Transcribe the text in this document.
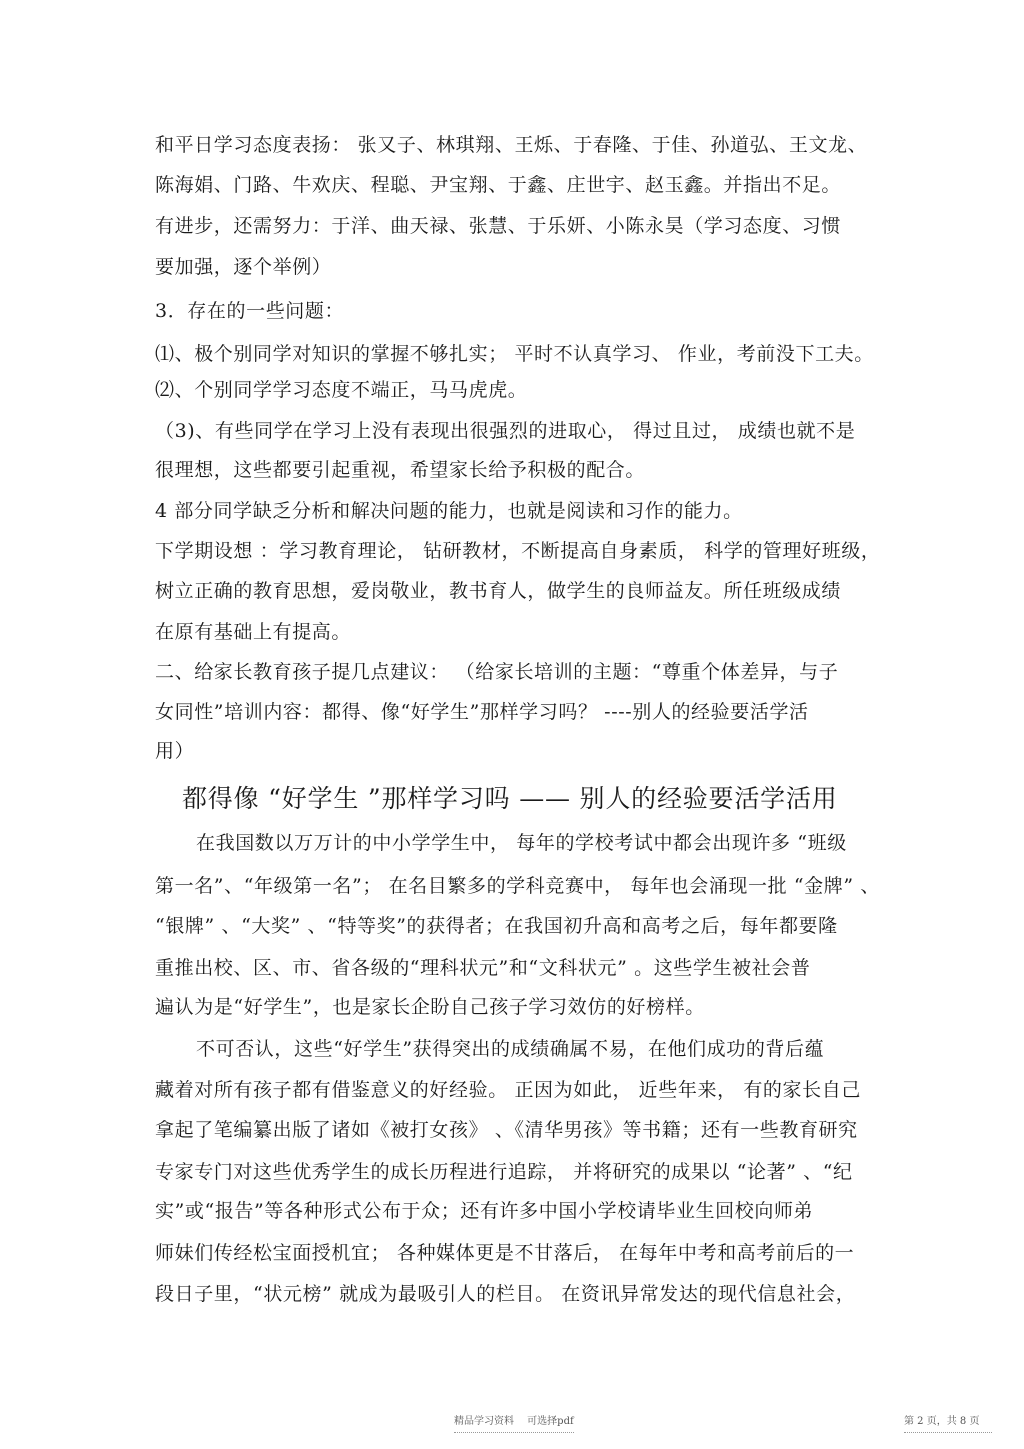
和平日学习态度表扬： 张又子、林琪翔、王烁、于春隆、于佳、孙道弘、王文龙、
陈海娟、门路、牛欢庆、程聪、尹宝翔、于鑫、庄世宇、赵玉鑫。并指出不足。
有进步，还需努力：于洋、曲天禄、张慧、于乐妍、小陈永昊（学习态度、习惯
要加强，逐个举例）
3．存在的一些问题：
⑴、极个别同学对知识的掌握不够扎实； 平时不认真学习、 作业，考前没下工夫。
⑵、个别同学学习态度不端正，马马虎虎。
（3)、有些同学在学习上没有表现出很强烈的进取心， 得过且过， 成绩也就不是
很理想，这些都要引起重视，希望家长给予积极的配合。
4 部分同学缺乏分析和解决问题的能力，也就是阅读和习作的能力。
下学期设想 ：学习教育理论， 钻研教材，不断提高自身素质， 科学的管理好班级，
树立正确的教育思想，爱岗敬业，教书育人，做学生的良师益友。所任班级成绩
在原有基础上有提高。
二、给家长教育孩子提几点建议： （给家长培训的主题：“尊重个体差异，与子
女同性”培训内容：都得、像“好学生”那样学习吗？ ----别人的经验要活学活
用）
都得像 “好学生 ”那样学习吗 —— 别人的经验要活学活用
在我国数以万万计的中小学学生中， 每年的学校考试中都会出现许多 “班级
第一名”、“年级第一名”； 在名目繁多的学科竞赛中， 每年也会涌现一批 “金牌” 、
“银牌” 、“大奖” 、“特等奖”的获得者；在我国初升高和高考之后，每年都要隆
重推出校、区、市、省各级的“理科状元”和“文科状元” 。这些学生被社会普
遍认为是“好学生”，也是家长企盼自己孩子学习效仿的好榜样。
不可否认，这些“好学生”获得突出的成绩确属不易，在他们成功的背后蕴
藏着对所有孩子都有借鉴意义的好经验。 正因为如此， 近些年来， 有的家长自己
拿起了笔编纂出版了诸如《被打女孩》 、《清华男孩》等书籍；还有一些教育研究
专家专门对这些优秀学生的成长历程进行追踪， 并将研究的成果以 “论著” 、“纪
实”或“报告”等各种形式公布于众；还有许多中国小学校请毕业生回校向师弟
师妹们传经松宝面授机宜； 各种媒体更是不甘落后， 在每年中考和高考前后的一
段日子里，“状元榜” 就成为最吸引人的栏目。 在资讯异常发达的现代信息社会，
精品学习资料　 可选择pdf	第 2 页，共 8 页
